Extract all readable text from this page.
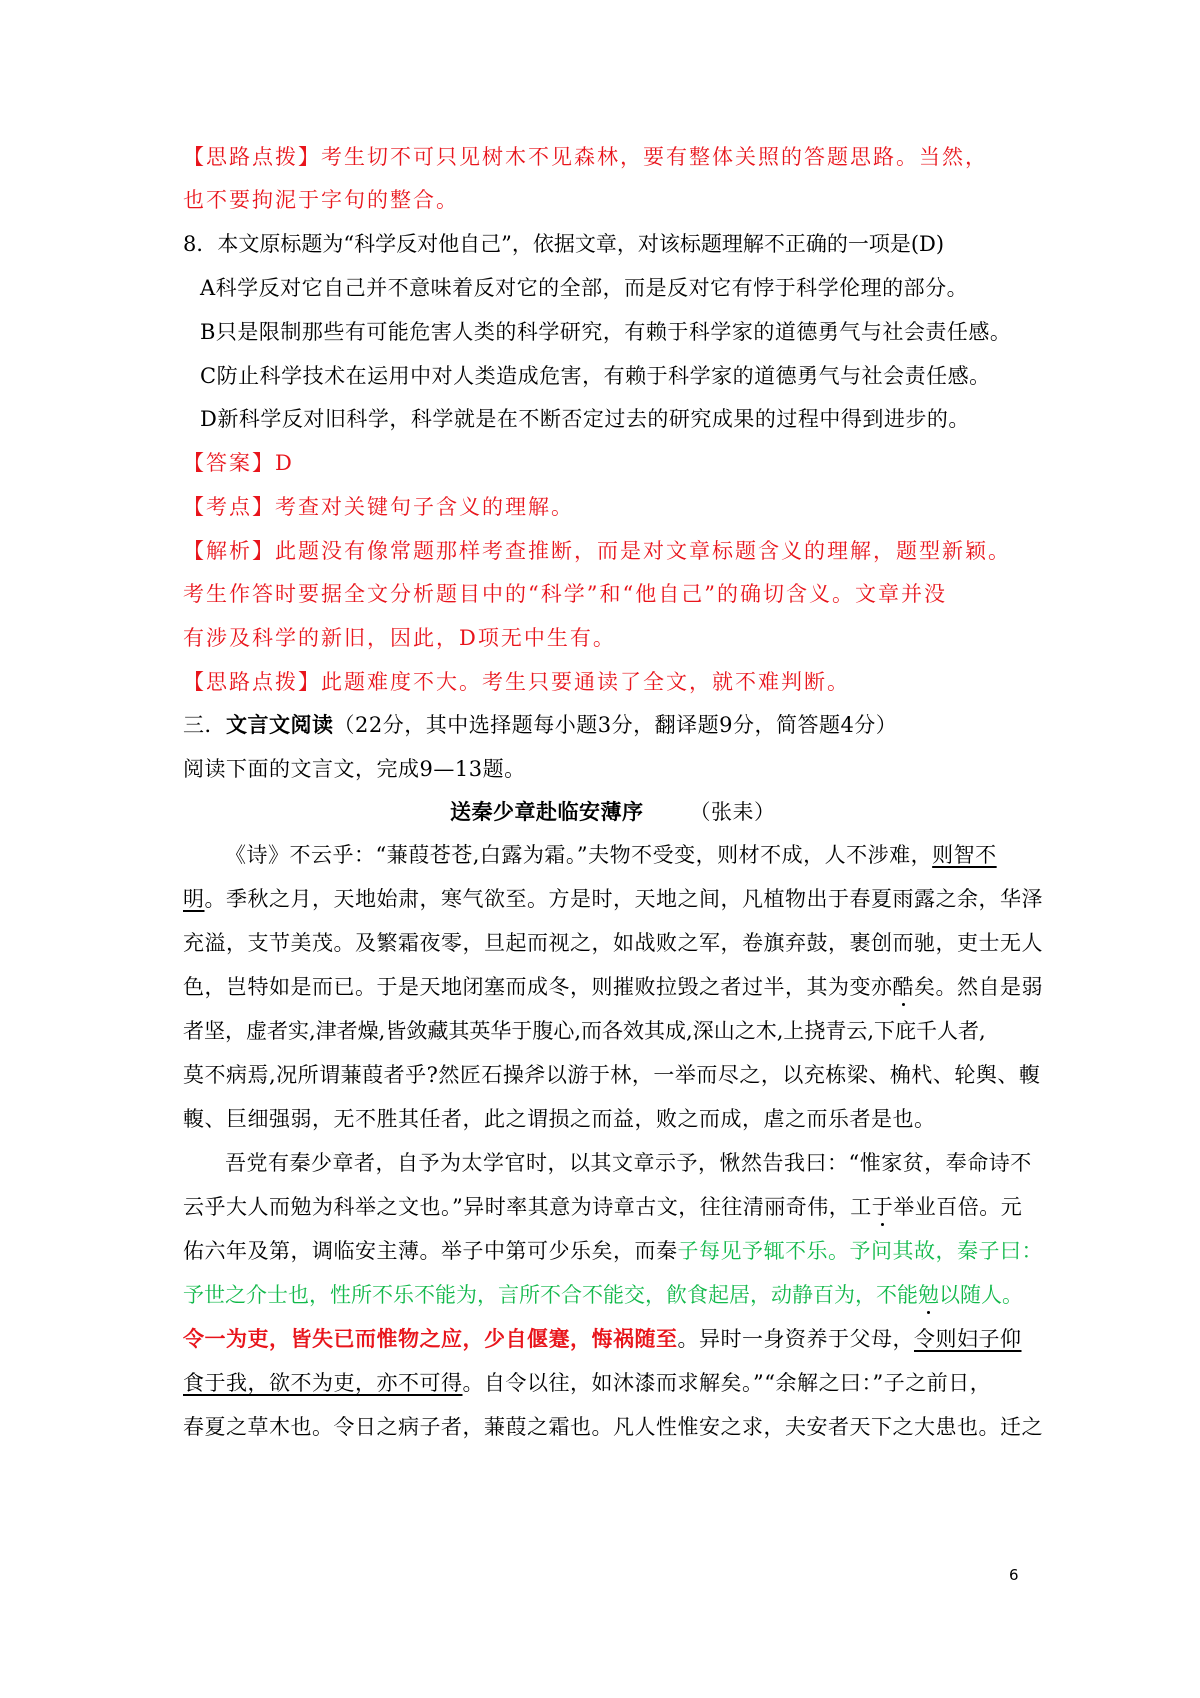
【思路点拨】考生切不可只见树木不见森林，要有整体关照的答题思路。当然，
也不要拘泥于字句的整合。
8．本文原标题为“科学反对他自己”，依据文章，对该标题理解不正确的一项是(D)
A科学反对它自己并不意味着反对它的全部，而是反对它有悖于科学伦理的部分。
B只是限制那些有可能危害人类的科学研究，有赖于科学家的道德勇气与社会责任感。
C防止科学技术在运用中对人类造成危害，有赖于科学家的道德勇气与社会责任感。
D新科学反对旧科学，科学就是在不断否定过去的研究成果的过程中得到进步的。
【答案】D
【考点】考查对关键句子含义的理解。
【解析】此题没有像常题那样考查推断，而是对文章标题含义的理解，题型新颖。
考生作答时要据全文分析题目中的“科学”和“他自己”的确切含义。文章并没
有涉及科学的新旧，因此，D项无中生有。
【思路点拨】此题难度不大。考生只要通读了全文，就不难判断。
三．文言文阅读（22分，其中选择题每小题3分，翻译题9分，简答题4分）
阅读下面的文言文，完成9—13题。
送秦少章赴临安薄序 （张耒）
《诗》不云乎：“蒹葭苍苍,白露为霜。”夫物不受变，则材不成，人不涉难，则智不
明。季秋之月，天地始肃，寒气欲至。方是时，天地之间，凡植物出于春夏雨露之余，华泽
充溢，支节美茂。及繁霜夜零，旦起而视之，如战败之军，卷旗弃鼓，裹创而驰，吏士无人
色，岂特如是而已。于是天地闭塞而成冬，则摧败拉毁之者过半，其为变亦酷矣。然自是弱
者坚，虚者实,津者燥,皆敛藏其英华于腹心,而各效其成,深山之木,上挠青云,下庇千人者,
莫不病焉,况所谓蒹葭者乎?然匠石操斧以游于林，一举而尽之，以充栋梁、桷杙、轮舆、輹
輹、巨细强弱，无不胜其任者，此之谓损之而益，败之而成，虐之而乐者是也。
吾党有秦少章者，自予为太学官时，以其文章示予，愀然告我曰：“惟家贫，奉命诗不
云乎大人而勉为科举之文也。”异时率其意为诗章古文，往往清丽奇伟，工于举业百倍。元
佑六年及第，调临安主薄。举子中第可少乐矣，而秦子每见予辄不乐。予问其故，秦子曰：
予世之介士也，性所不乐不能为，言所不合不能交，飮食起居，动静百为，不能勉以随人。
令一为吏，皆失已而惟物之应，少自偃蹇，悔祸随至。异时一身资养于父母，令则妇子仰
食于我，欲不为吏，亦不可得。自令以往，如沐漆而求解矣。”“余解之曰：”子之前日，
春夏之草木也。令日之病子者，蒹葭之霜也。凡人性惟安之求，夫安者天下之大患也。迁之
6
